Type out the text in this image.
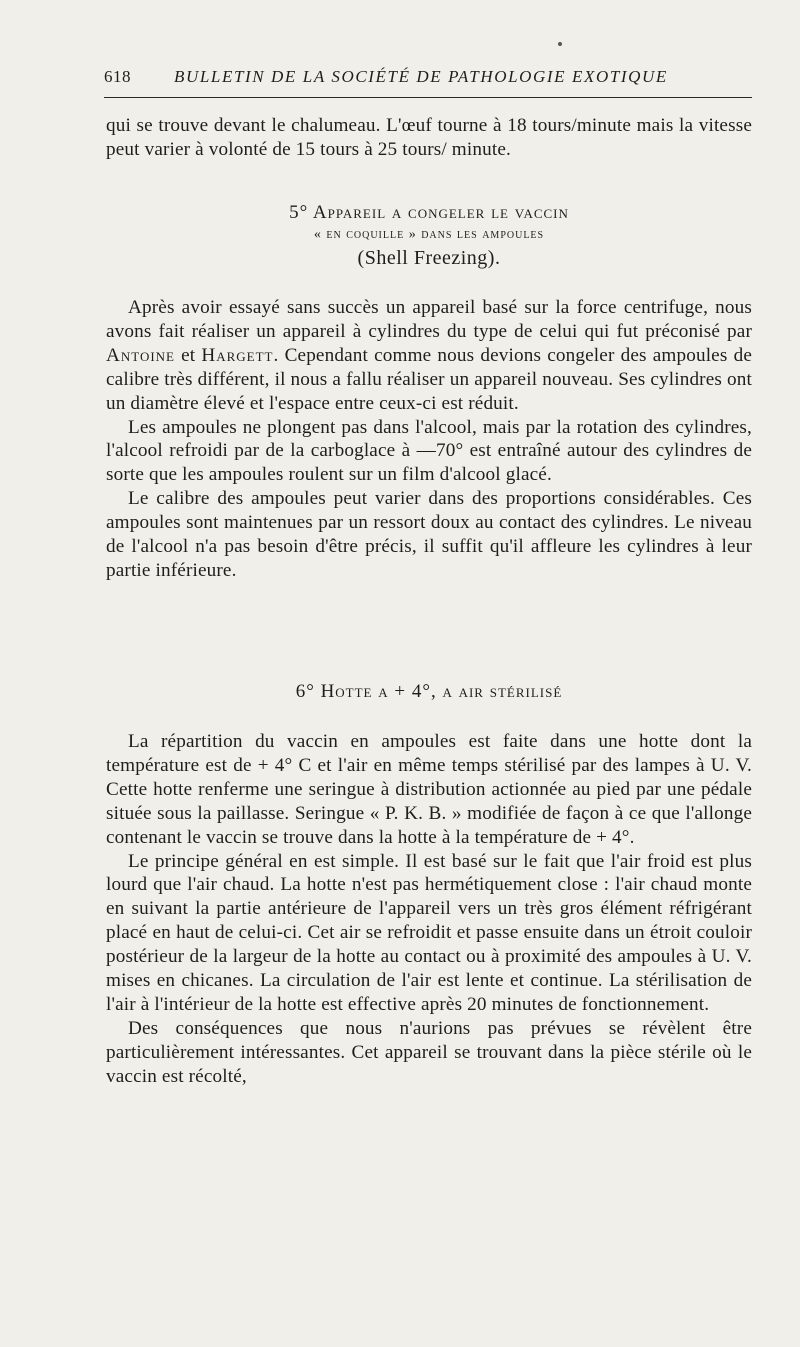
618	BULLETIN DE LA SOCIÉTÉ DE PATHOLOGIE EXOTIQUE

qui se trouve devant le chalumeau. L'œuf tourne à 18 tours/minute mais la vitesse peut varier à volonté de 15 tours à 25 tours/ minute.

5° Appareil a congeler le vaccin

« en coquille » dans les ampoules

(Shell Freezing).

Après avoir essayé sans succès un appareil basé sur la force centrifuge, nous avons fait réaliser un appareil à cylindres du type de celui qui fut préconisé par Antoine et Hargett. Cependant comme nous devions congeler des ampoules de calibre très différent, il nous a fallu réaliser un appareil nouveau. Ses cylindres ont un diamètre élevé et l'espace entre ceux-ci est réduit.

Les ampoules ne plongent pas dans l'alcool, mais par la rotation des cylindres, l'alcool refroidi par de la carboglace à —70° est entraîné autour des cylindres de sorte que les ampoules roulent sur un film d'alcool glacé.

Le calibre des ampoules peut varier dans des proportions considérables. Ces ampoules sont maintenues par un ressort doux au contact des cylindres. Le niveau de l'alcool n'a pas besoin d'être précis, il suffit qu'il affleure les cylindres à leur partie inférieure.

6° Hotte a + 4°, a air stérilisé

La répartition du vaccin en ampoules est faite dans une hotte dont la température est de + 4° C et l'air en même temps stérilisé par des lampes à U. V. Cette hotte renferme une seringue à distribution actionnée au pied par une pédale située sous la paillasse. Seringue « P. K. B. » modifiée de façon à ce que l'allonge contenant le vaccin se trouve dans la hotte à la température de + 4°.

Le principe général en est simple. Il est basé sur le fait que l'air froid est plus lourd que l'air chaud. La hotte n'est pas hermétiquement close : l'air chaud monte en suivant la partie antérieure de l'appareil vers un très gros élément réfrigérant placé en haut de celui-ci. Cet air se refroidit et passe ensuite dans un étroit couloir postérieur de la largeur de la hotte au contact ou à proximité des ampoules à U. V. mises en chicanes. La circulation de l'air est lente et continue. La stérilisation de l'air à l'intérieur de la hotte est effective après 20 minutes de fonctionnement.

Des conséquences que nous n'aurions pas prévues se révèlent être particulièrement intéressantes. Cet appareil se trouvant dans la pièce stérile où le vaccin est récolté,
